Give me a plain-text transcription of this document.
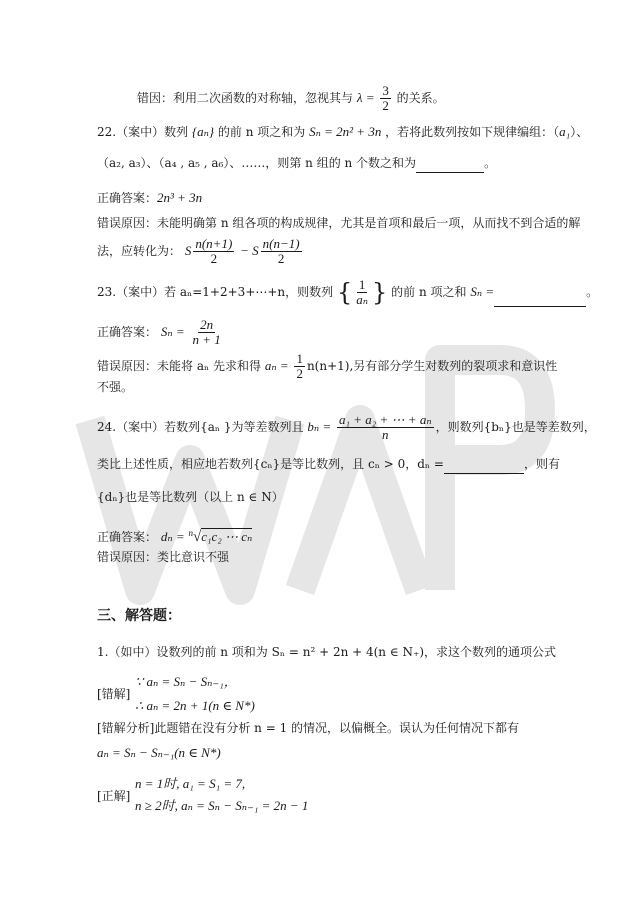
错因：利用二次函数的对称轴，忽视其与 $\lambda = \frac{3}{2}$ 的关系。
22.（案中）数列 {aₙ} 的前 n 项之和为 Sₙ = 2n² + 3n ，若将此数列按如下规律编组：（a₁）、
（a₂, a₃）、（a₄ , a₅ , a₆）、……，则第 n 组的 n 个数之和为	。
正确答案：2n³ + 3n
错误原因：未能明确第 n 组各项的构成规律，尤其是首项和最后一项，从而找不到合适的解
法，应转化为： S $\frac{n(n+1)}{2} - S \frac{n(n-1)}{2}$
23.（案中）若 aₙ=1+2+3+⋯+n，则数列 { $\frac{1}{\text{aₙ}}$ } 的前 n 项之和 Sₙ =	。
正确答案： $S_n = \frac{2n}{n + 1}$
错误原因：未能将 aₙ 先求和得 $a_n = \frac{1}{2} n(n+1)$,另有部分学生对数列的裂项求和意识性
不强。
24.（案中）若数列{aₙ }为等差数列且 $b_n = \frac{\text{a₁ + a₂ + ⋯ + aₙ}}{n}$ ，则数列{bₙ}也是等差数列，
类比上述性质，相应地若数列{cₙ}是等比数列，且 cₙ > 0，dₙ =	，则有
{dₙ}也是等比数列（以上 n ∈ N）
正确答案： dₙ = $^n$√c₁c₂ ⋯ cₙ
错误原因：类比意识不强
三、解答题：
1.（如中）设数列的前 n 项和为 Sₙ = n² + 2n + 4(n ∈ N₊)，求这个数列的通项公式
[错解]
∵ aₙ = Sₙ − Sₙ₋₁，
∴ aₙ = 2n + 1(n ∈ N*)
[错解分析]此题错在没有分析 n = 1 的情况，以偏概全。误认为任何情况下都有
aₙ = Sₙ − Sₙ₋₁(n ∈ N*)
[正解]
n = 1时, a₁ = S₁ = 7,
n ≥ 2时, aₙ = Sₙ − Sₙ₋₁ = 2n − 1
